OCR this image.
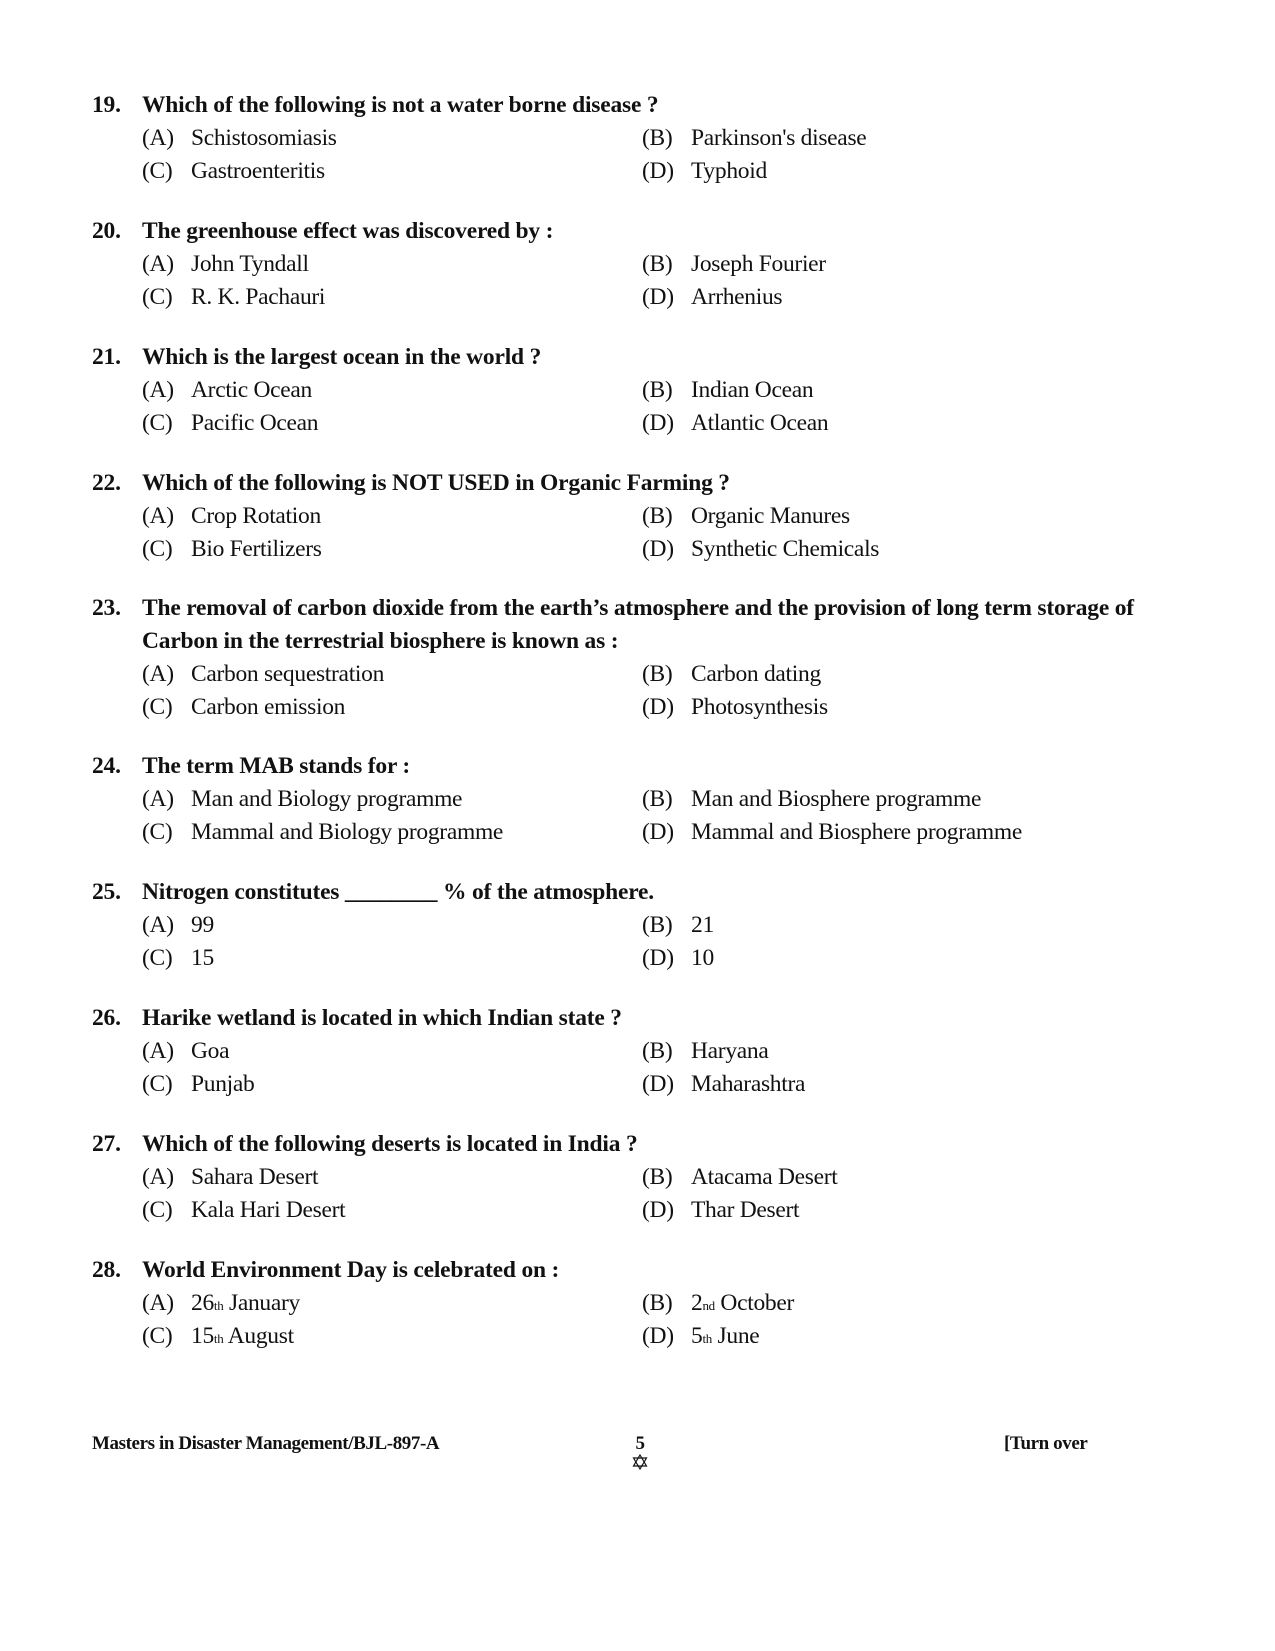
19. Which of the following is not a water borne disease ?
(A) Schistosomiasis	(B) Parkinson's disease
(C) Gastroenteritis	(D) Typhoid
20. The greenhouse effect was discovered by :
(A) John Tyndall	(B) Joseph Fourier
(C) R. K. Pachauri	(D) Arrhenius
21. Which is the largest ocean in the world ?
(A) Arctic Ocean	(B) Indian Ocean
(C) Pacific Ocean	(D) Atlantic Ocean
22. Which of the following is NOT USED in Organic Farming ?
(A) Crop Rotation	(B) Organic Manures
(C) Bio Fertilizers	(D) Synthetic Chemicals
23. The removal of carbon dioxide from the earth’s atmosphere and the provision of long term storage of Carbon in the terrestrial biosphere is known as :
(A) Carbon sequestration	(B) Carbon dating
(C) Carbon emission	(D) Photosynthesis
24. The term MAB stands for :
(A) Man and Biology programme	(B) Man and Biosphere programme
(C) Mammal and Biology programme	(D) Mammal and Biosphere programme
25. Nitrogen constitutes ________ % of the atmosphere.
(A) 99	(B) 21
(C) 15	(D) 10
26. Harike wetland is located in which Indian state ?
(A) Goa	(B) Haryana
(C) Punjab	(D) Maharashtra
27. Which of the following deserts is located in India ?
(A) Sahara Desert	(B) Atacama Desert
(C) Kala Hari Desert	(D) Thar Desert
28. World Environment Day is celebrated on :
(A) 26th January	(B) 2nd October
(C) 15th August	(D) 5th June
Masters in Disaster Management/BJL-897-A	5	[Turn over
